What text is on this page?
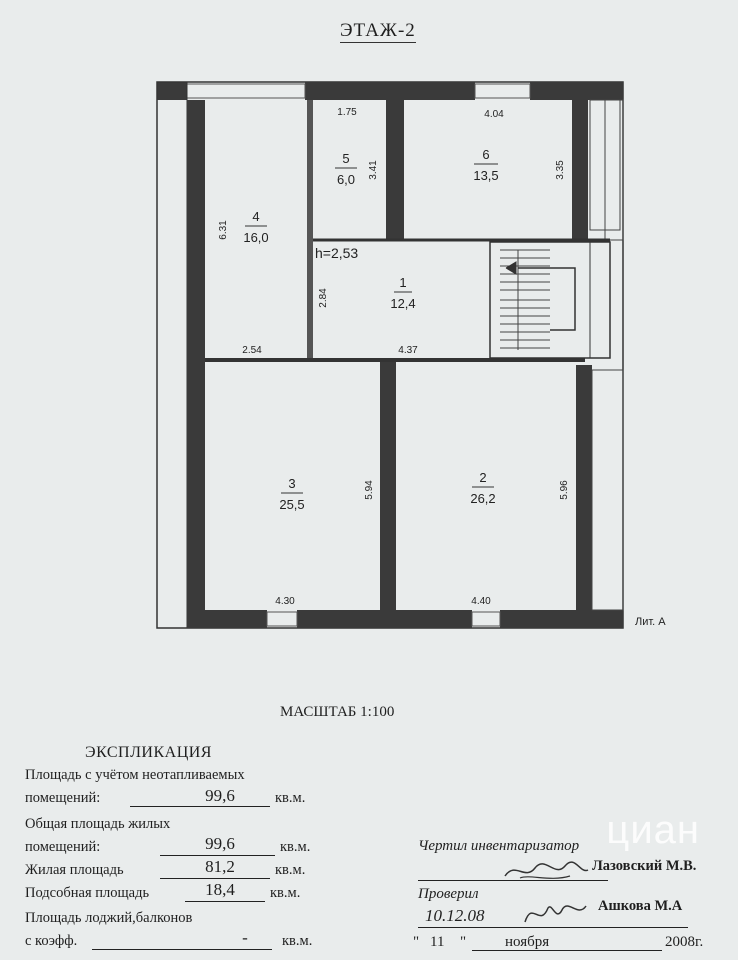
ЭТАЖ-2
h=2,53
Лит. А
1
12,4
2
26,2
3
25,5
4
16,0
5
6,0
6
13,5
1.75	4.04
3.41	3.35
6.31
2.84
2.54	4.37
5.94	5.96
4.30	4.40
МАСШТАБ 1:100
ЭКСПЛИКАЦИЯ
Площадь с учётом неотапливаемых
помещений:	99,6	кв.м.
Общая площадь жилых
помещений:	99,6	кв.м.
Жилая площадь	81,2	кв.м.
Подсобная площадь	18,4	кв.м.
Площадь лоджий,балконов
с коэфф.	-	кв.м.
Чертил инвентаризатор
Лазовский М.В.
Проверил
10.12.08	Ашкова М.А
" 11 "	ноября	2008г.
циан
